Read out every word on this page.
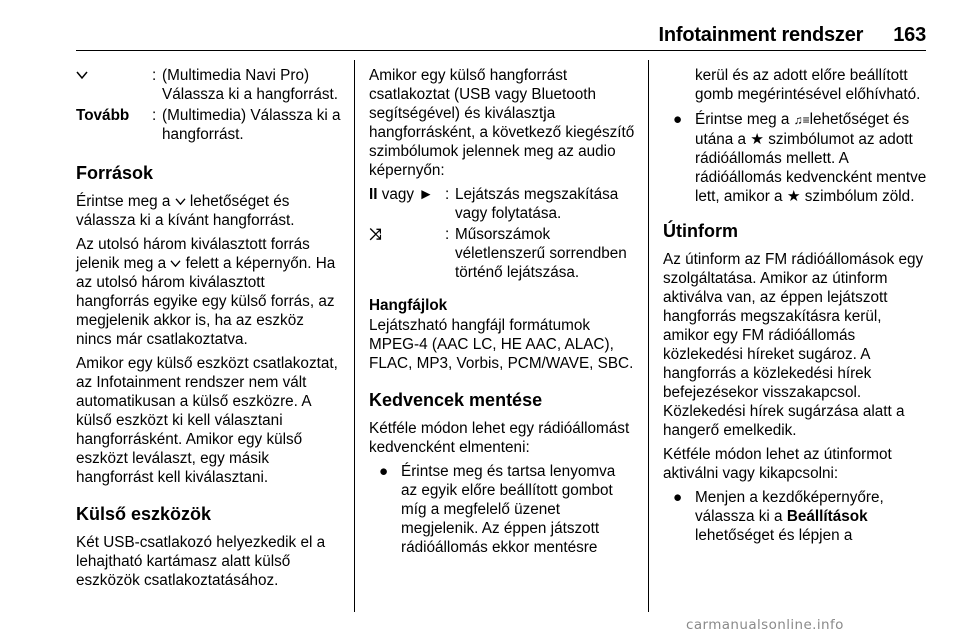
Infotainment rendszer 163
: (Multimedia Navi Pro) Válassza ki a hangforrást.
Tovább	: (Multimedia) Válassza ki a hangforrást.
Források

Érintse meg a  lehetőséget és válassza ki a kívánt hangforrást.

Az utolsó három kiválasztott forrás jelenik meg a  felett a képernyőn. Ha az utolsó három kiválasztott hangforrás egyike egy külső forrás, az megjelenik akkor is, ha az eszköz nincs már csatlakoztatva.

Amikor egy külső eszközt csatlakoztat, az Infotainment rendszer nem vált automatikusan a külső eszközre. A külső eszközt ki kell választani hangforrásként. Amikor egy külső eszközt leválaszt, egy másik hangforrást kell kiválasztani.

Külső eszközök

Két USB-csatlakozó helyezkedik el a lehajtható kartámasz alatt külső eszközök csatlakoztatásához.

Amikor egy külső hangforrást csatlakoztat (USB vagy Bluetooth segítségével) és kiválasztja hangforrásként, a következő kiegészítő szimbólumok jelennek meg az audio képernyőn:

II vagy ► : Lejátszás megszakítása vagy folytatása.
⤨	: Műsorszámok véletlenszerű sorrendben történő lejátszása.
Hangfájlok

Lejátszható hangfájl formátumok MPEG-4 (AAC LC, HE AAC, ALAC), FLAC, MP3, Vorbis, PCM/WAVE, SBC.

Kedvencek mentése

Kétféle módon lehet egy rádióállomást kedvencként elmenteni:

● Érintse meg és tartsa lenyomva az egyik előre beállított gombot míg a megfelelő üzenet megjelenik. Az éppen játszott rádióállomás ekkor mentésre
kerül és az adott előre beállított gomb megérintésével előhívható.
● Érintse meg a ♫≡lehetőséget és utána a ★ szimbólumot az adott rádióállomás mellett. A rádióállomás kedvencként mentve lett, amikor a ★ szimbólum zöld.
Útinform

Az útinform az FM rádióállomások egy szolgáltatása. Amikor az útinform aktiválva van, az éppen lejátszott hangforrás megszakításra kerül, amikor egy FM rádióállomás közlekedési híreket sugároz. A hangforrás a közlekedési hírek befejezésekor visszakapcsol. Közlekedési hírek sugárzása alatt a hangerő emelkedik.

Kétféle módon lehet az útinformot aktiválni vagy kikapcsolni:

● Menjen a kezdőképernyőre, válassza ki a Beállítások lehetőséget és lépjen a
carmanualsonline.info
